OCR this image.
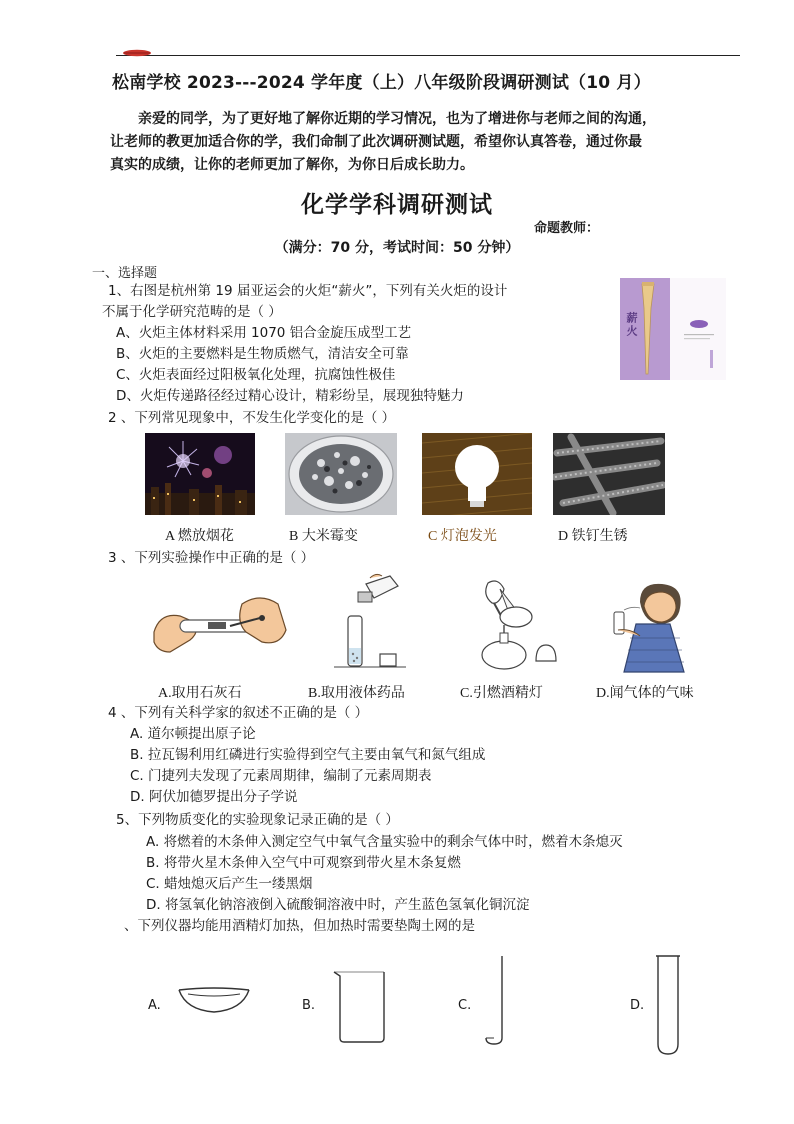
松南学校 2023---2024 学年度（上）八年级阶段调研测试（10 月）
亲爱的同学，为了更好地了解你近期的学习情况，也为了增进你与老师之间的沟通，
让老师的教更加适合你的学，我们命制了此次调研测试题，希望你认真答卷，通过你最
真实的成绩，让你的老师更加了解你，为你日后成长助力。
化学学科调研测试
命题教师：
（满分：70 分，考试时间：50 分钟）
一、选择题
1、右图是杭州第 19 届亚运会的火炬“薪火”，下列有关火炬的设计
不属于化学研究范畴的是（ ）
A、火炬主体材料采用 1070 铝合金旋压成型工艺
B、火炬的主要燃料是生物质燃气，清洁安全可靠
C、火炬表面经过阳极氧化处理，抗腐蚀性极佳
D、火炬传递路径经过精心设计，精彩纷呈，展现独特魅力
薪火
2 、下列常见现象中，不发生化学变化的是（ ）
A 燃放烟花	B 大米霉变	C 灯泡发光	D 铁钉生锈
3 、下列实验操作中正确的是（ ）
A.取用石灰石	B.取用液体药品	C.引燃酒精灯	D.闻气体的气味
4 、下列有关科学家的叙述不正确的是（ ）
A. 道尔顿提出原子论
B. 拉瓦锡利用红磷进行实验得到空气主要由氧气和氮气组成
C. 门捷列夫发现了元素周期律，编制了元素周期表
D. 阿伏加德罗提出分子学说
5、下列物质变化的实验现象记录正确的是（ ）
A. 将燃着的木条伸入测定空气中氧气含量实验中的剩余气体中时，燃着木条熄灭
B. 将带火星木条伸入空气中可观察到带火星木条复燃
C. 蜡烛熄灭后产生一缕黑烟
D. 将氢氧化钠溶液倒入硫酸铜溶液中时，产生蓝色氢氧化铜沉淀
、下列仪器均能用酒精灯加热，但加热时需要垫陶土网的是
A.	B.	C.	D.
